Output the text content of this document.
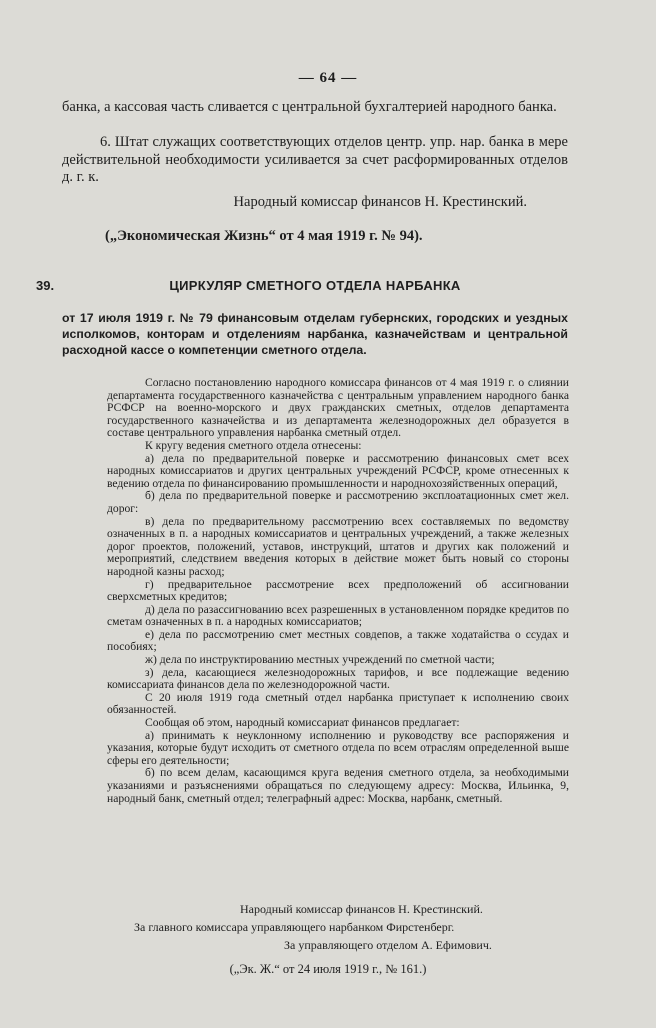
— 64 —

банка, а кассовая часть сливается с центральной бухгалтерией народного банка.

6. Штат служащих соответствующих отделов центр. упр. нар. банка в мере действительной необходимости усиливается за счет расформированных отделов д. г. к.

Народный комиссар финансов Н. Крестинский.

(„Экономическая Жизнь“ от 4 мая 1919 г. № 94).

39.	ЦИРКУЛЯР СМЕТНОГО ОТДЕЛА НАРБАНКА

от 17 июля 1919 г. № 79 финансовым отделам губернских, городских и уездных исполкомов, конторам и отделениям нарбанка, казначействам и центральной расходной кассе о компетенции сметного отдела.

Согласно постановлению народного комиссара финансов от 4 мая 1919 г. о слиянии департамента государственного казначейства с центральным управлением народного банка РСФСР на военно-морского и двух гражданских сметных, отделов департамента государственного казначейства и из департамента железнодорожных дел образуется в составе центрального управления нарбанка сметный отдел.

К кругу ведения сметного отдела отнесены:

а) дела по предварительной поверке и рассмотрению финансовых смет всех народных комиссариатов и других центральных учреждений РСФСР, кроме отнесенных к ведению отдела по финансированию промышленности и народнохозяйственных операций,

б) дела по предварительной поверке и рассмотрению эксплоатационных смет жел. дорог:

в) дела по предварительному рассмотрению всех составляемых по ведомству означенных в п. а народных комиссариатов и центральных учреждений, а также железных дорог проектов, положений, уставов, инструкций, штатов и других как положений и мероприятий, следствием введения которых в действие может быть новый со стороны народной казны расход;

г) предварительное рассмотрение всех предположений об ассигновании сверхсметных кредитов;

д) дела по разассигнованию всех разрешенных в установленном порядке кредитов по сметам означенных в п. а народных комиссариатов;

е) дела по рассмотрению смет местных совдепов, а также ходатайства о ссудах и пособиях;

ж) дела по инструктированию местных учреждений по сметной части;

з) дела, касающиеся железнодорожных тарифов, и все подлежащие ведению комиссариата финансов дела по железнодорожной части.

С 20 июля 1919 года сметный отдел нарбанка приступает к исполнению своих обязанностей.

Сообщая об этом, народный комиссариат финансов предлагает:

а) принимать к неуклонному исполнению и руководству все распоряжения и указания, которые будут исходить от сметного отдела по всем отраслям определенной выше сферы его деятельности;

б) по всем делам, касающимся круга ведения сметного отдела, за необходимыми указаниями и разъяснениями обращаться по следующему адресу: Москва, Ильинка, 9, народный банк, сметный отдел; телеграфный адрес: Москва, нарбанк, сметный.

Народный комиссар финансов Н. Крестинский.
За главного комиссара управляющего нарбанком Фирстенберг.
За управляющего отделом А. Ефимович.
(„Эк. Ж.“ от 24 июля 1919 г., № 161.)
